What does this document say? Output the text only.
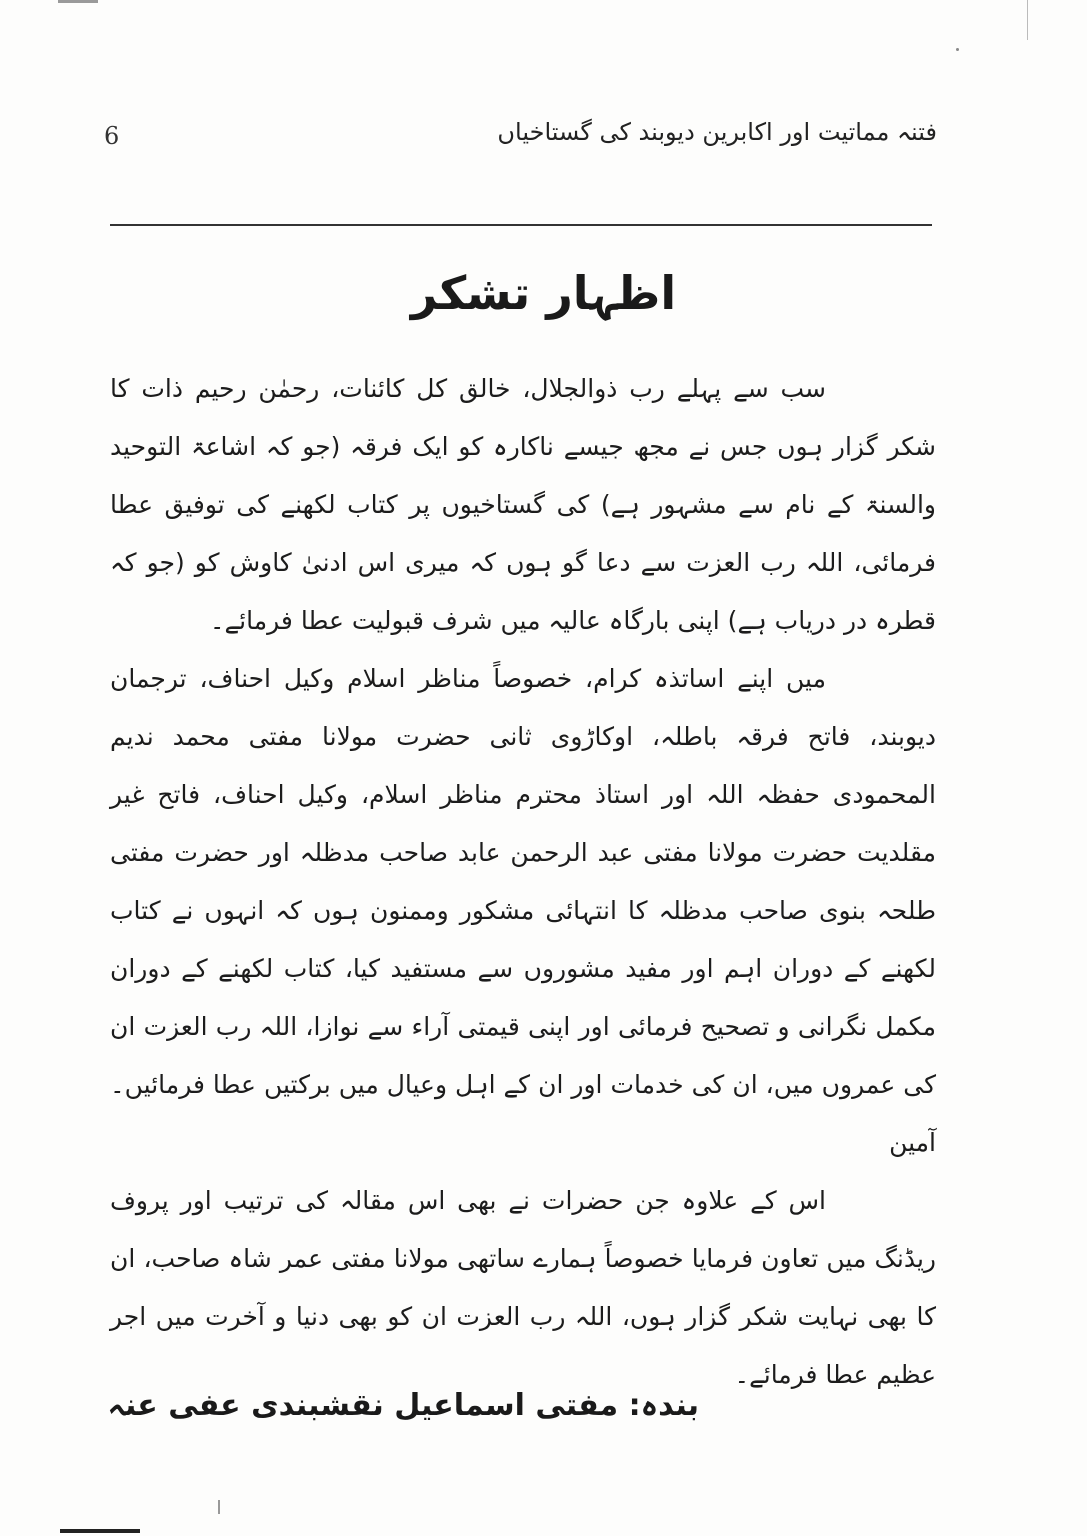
6	فتنہ مماتیت اور اکابرین دیوبند کی گستاخیاں
اظہار تشکر

سب سے پہلے رب ذوالجلال، خالق کل کائنات، رحمٰن رحیم ذات کا شکر گزار ہوں جس نے مجھ جیسے ناکارہ کو ایک فرقہ (جو کہ اشاعۃ التوحید والسنۃ کے نام سے مشہور ہے) کی گستاخیوں پر کتاب لکھنے کی توفیق عطا فرمائی، اللہ رب العزت سے دعا گو ہوں کہ میری اس ادنیٰ کاوش کو (جو کہ قطرہ در دریاب ہے) اپنی بارگاہ عالیہ میں شرف قبولیت عطا فرمائے۔

میں اپنے اساتذہ کرام، خصوصاً مناظر اسلام وکیل احناف، ترجمان دیوبند، فاتح فرقہ باطلہ، اوکاڑوی ثانی حضرت مولانا مفتی محمد ندیم المحمودی حفظہ اللہ اور استاذ محترم مناظر اسلام، وکیل احناف، فاتح غیر مقلدیت حضرت مولانا مفتی عبد الرحمن عابد صاحب مدظلہ اور حضرت مفتی طلحہ بنوی صاحب مدظلہ کا انتہائی مشکور وممنون ہوں کہ انہوں نے کتاب لکھنے کے دوران اہم اور مفید مشوروں سے مستفید کیا، کتاب لکھنے کے دوران مکمل نگرانی و تصحیح فرمائی اور اپنی قیمتی آراء سے نوازا، اللہ رب العزت ان کی عمروں میں، ان کی خدمات اور ان کے اہل وعیال میں برکتیں عطا فرمائیں۔ آمین

اس کے علاوہ جن حضرات نے بھی اس مقالہ کی ترتیب اور پروف ریڈنگ میں تعاون فرمایا خصوصاً ہمارے ساتھی مولانا مفتی عمر شاہ صاحب، ان کا بھی نہایت شکر گزار ہوں، اللہ رب العزت ان کو بھی دنیا و آخرت میں اجر عظیم عطا فرمائے۔

بندہ: مفتی اسماعیل نقشبندی عفی عنہ
